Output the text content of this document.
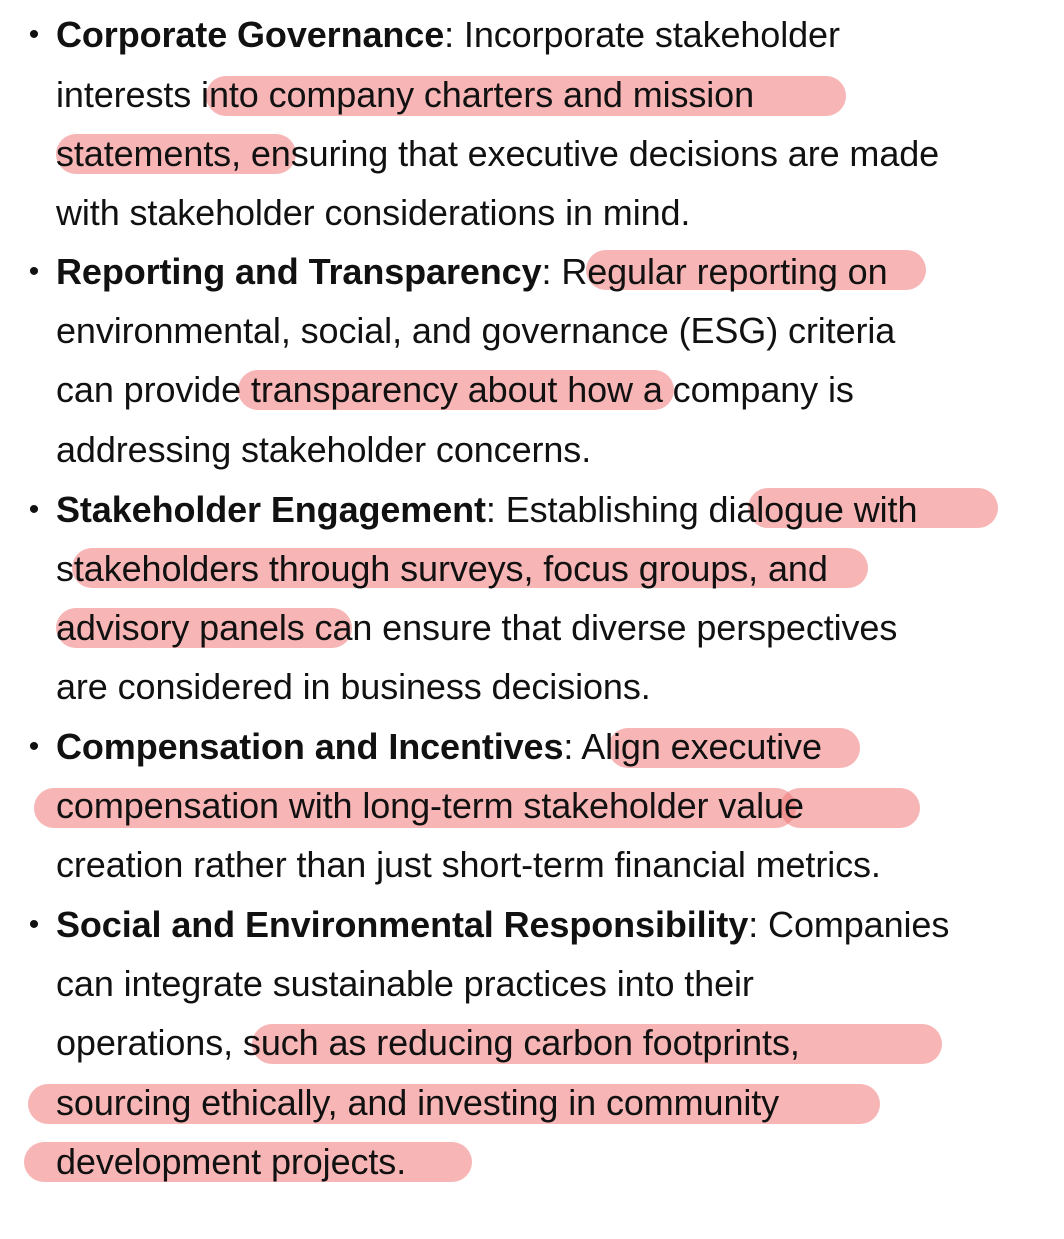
• Corporate Governance: Incorporate stakeholder
interests into company charters and mission
statements, ensuring that executive decisions are made
with stakeholder considerations in mind.
• Reporting and Transparency: Regular reporting on
environmental, social, and governance (ESG) criteria
can provide transparency about how a company is
addressing stakeholder concerns.
• Stakeholder Engagement: Establishing dialogue with
stakeholders through surveys, focus groups, and
advisory panels can ensure that diverse perspectives
are considered in business decisions.
• Compensation and Incentives: Align executive
compensation with long-term stakeholder value
creation rather than just short-term financial metrics.
• Social and Environmental Responsibility: Companies
can integrate sustainable practices into their
operations, such as reducing carbon footprints,
sourcing ethically, and investing in community
development projects.
